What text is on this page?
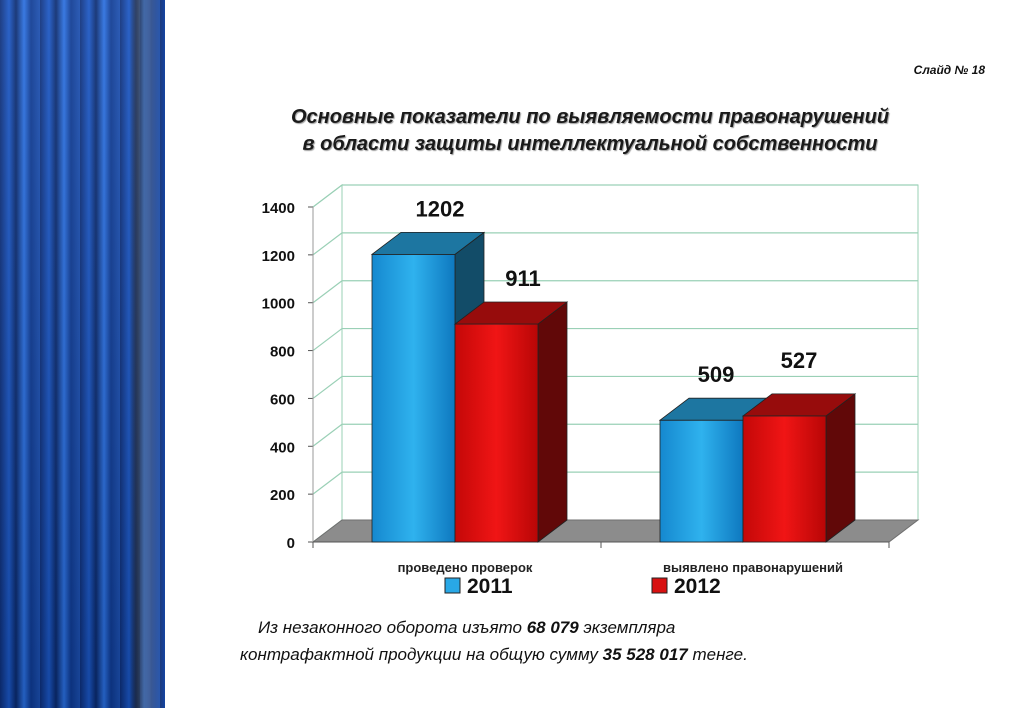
Слайд № 18
Основные показатели по выявляемости правонарушений
в области защиты интеллектуальной собственности
0
200
400
600
800
1000
1200
1400	1202
911
проведено проверок
509
527
выявлено правонарушений
2011	2012
Из незаконного оборота изъято 68 079 экземпляра
контрафактной продукции на общую сумму 35 528 017 тенге.
